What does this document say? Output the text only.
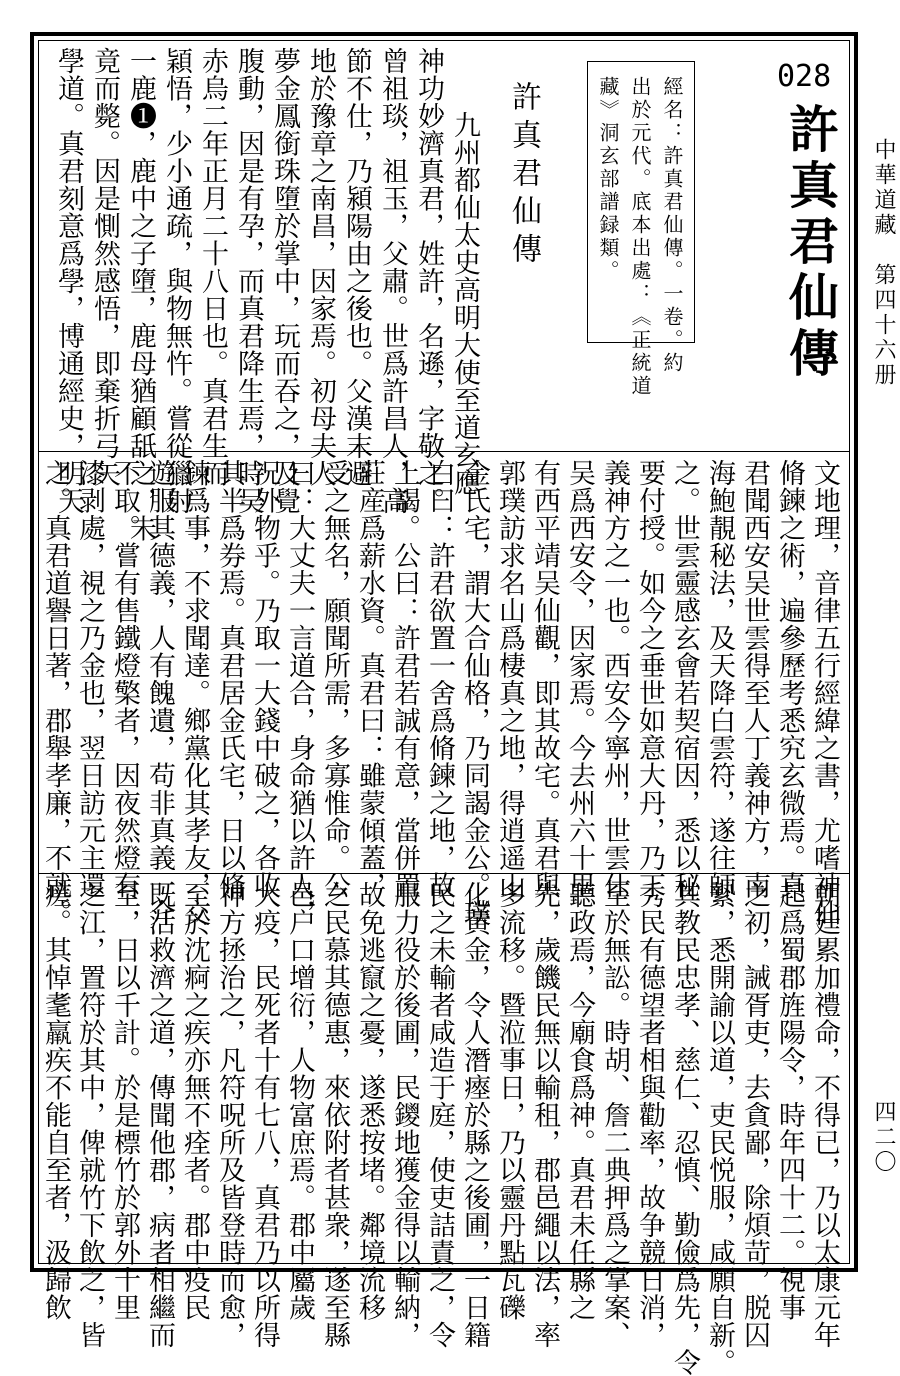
中華道藏　第四十六册
四二〇
028
許真君仙傳
經名：許真君仙傳。一卷。約
出於元代。底本出處：《正統道
藏》洞玄部譜録類。
許真君仙傳
九州都仙太史高明大使至道玄應
神功妙濟真君，姓許，名遜，字敬之。
曾祖琰，祖玉，父肅。世爲許昌人，高
節不仕，乃潁陽由之後也。父漢末避
地於豫章之南昌，因家焉。初母夫人
夢金鳳銜珠墮於掌中，玩而吞之，及覺
腹動，因是有孕，而真君降生焉，時吴
赤烏二年正月二十八日也。真君生而
穎悟，少小通疏，與物無忤。嘗從獵射
一鹿❶，鹿中之子墮，鹿母猶顧舐之，未
竟而斃。因是惻然感悟，即棄折弓矢
學道。真君刻意爲學，博通經史，明天
文地理，音律五行經緯之書，尤嗜神仙
脩鍊之術，遍參歷考悉究玄微焉。真
君聞西安吴世雲得至人丁義神方，南
海鮑靚秘法，及天降白雲符，遂往師
之。世雲靈感玄會若契宿因，悉以秘
要付授。如今之垂世如意大丹，乃丁
義神方之一也。西安今寧州，世雲仕
吴爲西安令，因家焉。今去州六十里
有西平靖吴仙觀，即其故宅。真君與
郭璞訪求名山爲棲真之地，得逍遥山
金氏宅，謂大合仙格，乃同謁金公。璞
白曰：許君欲置一舍爲脩鍊之地，故
上謁。公曰：許君若誠有意，當併置
莊産爲薪水資。真君曰：雖蒙傾蓋，
受之無名，願聞所需，多寡惟命。公
曰：大丈夫一言道合，身命猶以許人，
况外物乎。乃取一大錢中破之，各收
其半爲券焉。真君居金氏宅，日以脩
鍊爲事，不求聞達。鄉黨化其孝友，交
遊服其德義，人有餽遺，苟非真義一介
不取。嘗有售鐵燈檠者，因夜然燈有
漆剥處，視之乃金也，翌日訪元主還
之。真君道譽日著，郡舉孝廉，不就。
朝廷累加禮命，不得已，乃以太康元年
起爲蜀郡旌陽令，時年四十二。視事
之初，誡胥吏，去貪鄙，除煩苛，脱囚
縶，悉開諭以道，吏民悦服，咸願自新。
其教民忠孝、慈仁、忍慎、勤儉爲先，令
秀民有德望者相與勸率，故争競日消，
至於無訟。時胡、詹二典押爲之掌案、
聽政焉，今廟食爲神。真君未任縣之
先，歲饑民無以輸租，郡邑繩以法，率
多流移。暨涖事日，乃以靈丹點瓦礫
化黄金，令人潛瘞於縣之後圃，一日籍
民之未輸者咸造于庭，使吏詰責之，令
服力役於後圃，民鑁地獲金得以輸納，
故免逃竄之憂，遂悉按堵。鄰境流移
之民慕其德惠，來依附者甚衆，遂至縣
邑户口增衍，人物富庶焉。郡中屬歲
大疫，民死者十有七八，真君乃以所得
神方拯治之，凡符呪所及皆登時而愈，
至於沈痾之疾亦無不痊者。郡中疫民
既活救濟之道，傳聞他郡，病者相繼而
至，日以千計。於是標竹於郭外十里
之江，置符於其中，俾就竹下飲之，皆
瘥。其悼耄羸疾不能自至者，汲歸飲
